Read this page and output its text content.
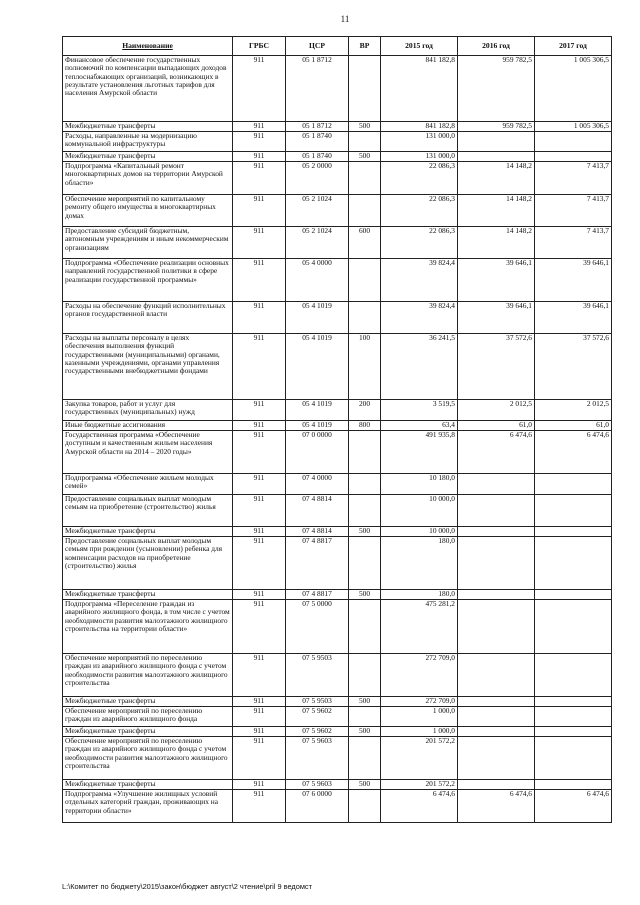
11
Наименование	ГРБС	ЦСР	ВР	2015 год	2016 год	2017 год
Финансовое обеспечение государственных полномочий по компенсации выпадающих доходов теплоснабжающих организаций, возникающих в результате установления льготных тарифов для населения Амурской области	911	05 1 8712		841 182,8	959 782,5	1 005 306,5
Межбюджетные трансферты	911	05 1 8712	500	841 182,8	959 782,5	1 005 306,5
Расходы, направленные на модернизацию коммунальной инфраструктуры	911	05 1 8740		131 000,0		
Межбюджетные трансферты	911	05 1 8740	500	131 000,0		
Подпрограмма «Капитальный ремонт многоквартирных домов на территории Амурской области»	911	05 2 0000		22 086,3	14 148,2	7 413,7
Обеспечение мероприятий по капитальному ремонту общего имущества в многоквартирных домах	911	05 2 1024		22 086,3	14 148,2	7 413,7
Предоставление субсидий бюджетным, автономным учреждениям и иным некоммерческим организациям	911	05 2 1024	600	22 086,3	14 148,2	7 413,7
Подпрограмма «Обеспечение реализации основных направлений государственной политики в сфере реализации государственной программы»	911	05 4 0000		39 824,4	39 646,1	39 646,1
Расходы на обеспечение функций исполнительных органов государственной власти	911	05 4 1019		39 824,4	39 646,1	39 646,1
Расходы на выплаты персоналу в целях обеспечения выполнения функций государственными (муниципальными) органами, казенными учреждениями, органами управления государственными внебюджетными фондами	911	05 4 1019	100	36 241,5	37 572,6	37 572,6
Закупка товаров, работ и услуг для государственных (муниципальных) нужд	911	05 4 1019	200	3 519,5	2 012,5	2 012,5
Иные бюджетные ассигнования	911	05 4 1019	800	63,4	61,0	61,0
Государственная программа «Обеспечение доступным и качественным жильем населения Амурской области на 2014 – 2020 годы»	911	07 0 0000		491 935,8	6 474,6	6 474,6
Подпрограмма «Обеспечение жильем молодых семей»	911	07 4 0000		10 180,0		
Предоставление социальных выплат молодым семьям на приобретение (строительство) жилья	911	07 4 8814		10 000,0		
Межбюджетные трансферты	911	07 4 8814	500	10 000,0		
Предоставление социальных выплат молодым семьям при рождении (усыновлении) ребенка для компенсации расходов на приобретение (строительство) жилья	911	07 4 8817		180,0		
Межбюджетные трансферты	911	07 4 8817	500	180,0		
Подпрограмма «Переселение граждан из аварийного жилищного фонда, в том числе с учетом необходимости развития малоэтажного жилищного строительства на территории области»	911	07 5 0000		475 281,2		
Обеспечение мероприятий по переселению граждан из аварийного жилищного фонда с учетом необходимости развития малоэтажного жилищного строительства	911	07 5 9503		272 709,0		
Межбюджетные трансферты	911	07 5 9503	500	272 709,0		
Обеспечение мероприятий по переселению граждан из аварийного жилищного фонда	911	07 5 9602		1 000,0		
Межбюджетные трансферты	911	07 5 9602	500	1 000,0		
Обеспечение мероприятий по переселению граждан из аварийного жилищного фонда с учетом необходимости развития малоэтажного жилищного строительства	911	07 5 9603		201 572,2		
Межбюджетные трансферты	911	07 5 9603	500	201 572,2		
Подпрограмма «Улучшение жилищных условий отдельных категорий граждан, проживающих на территории области»	911	07 6 0000		6 474,6	6 474,6	6 474,6
L:\Комитет по бюджету\2015\закон\бюджет август\2 чтение\pril 9 ведомст
